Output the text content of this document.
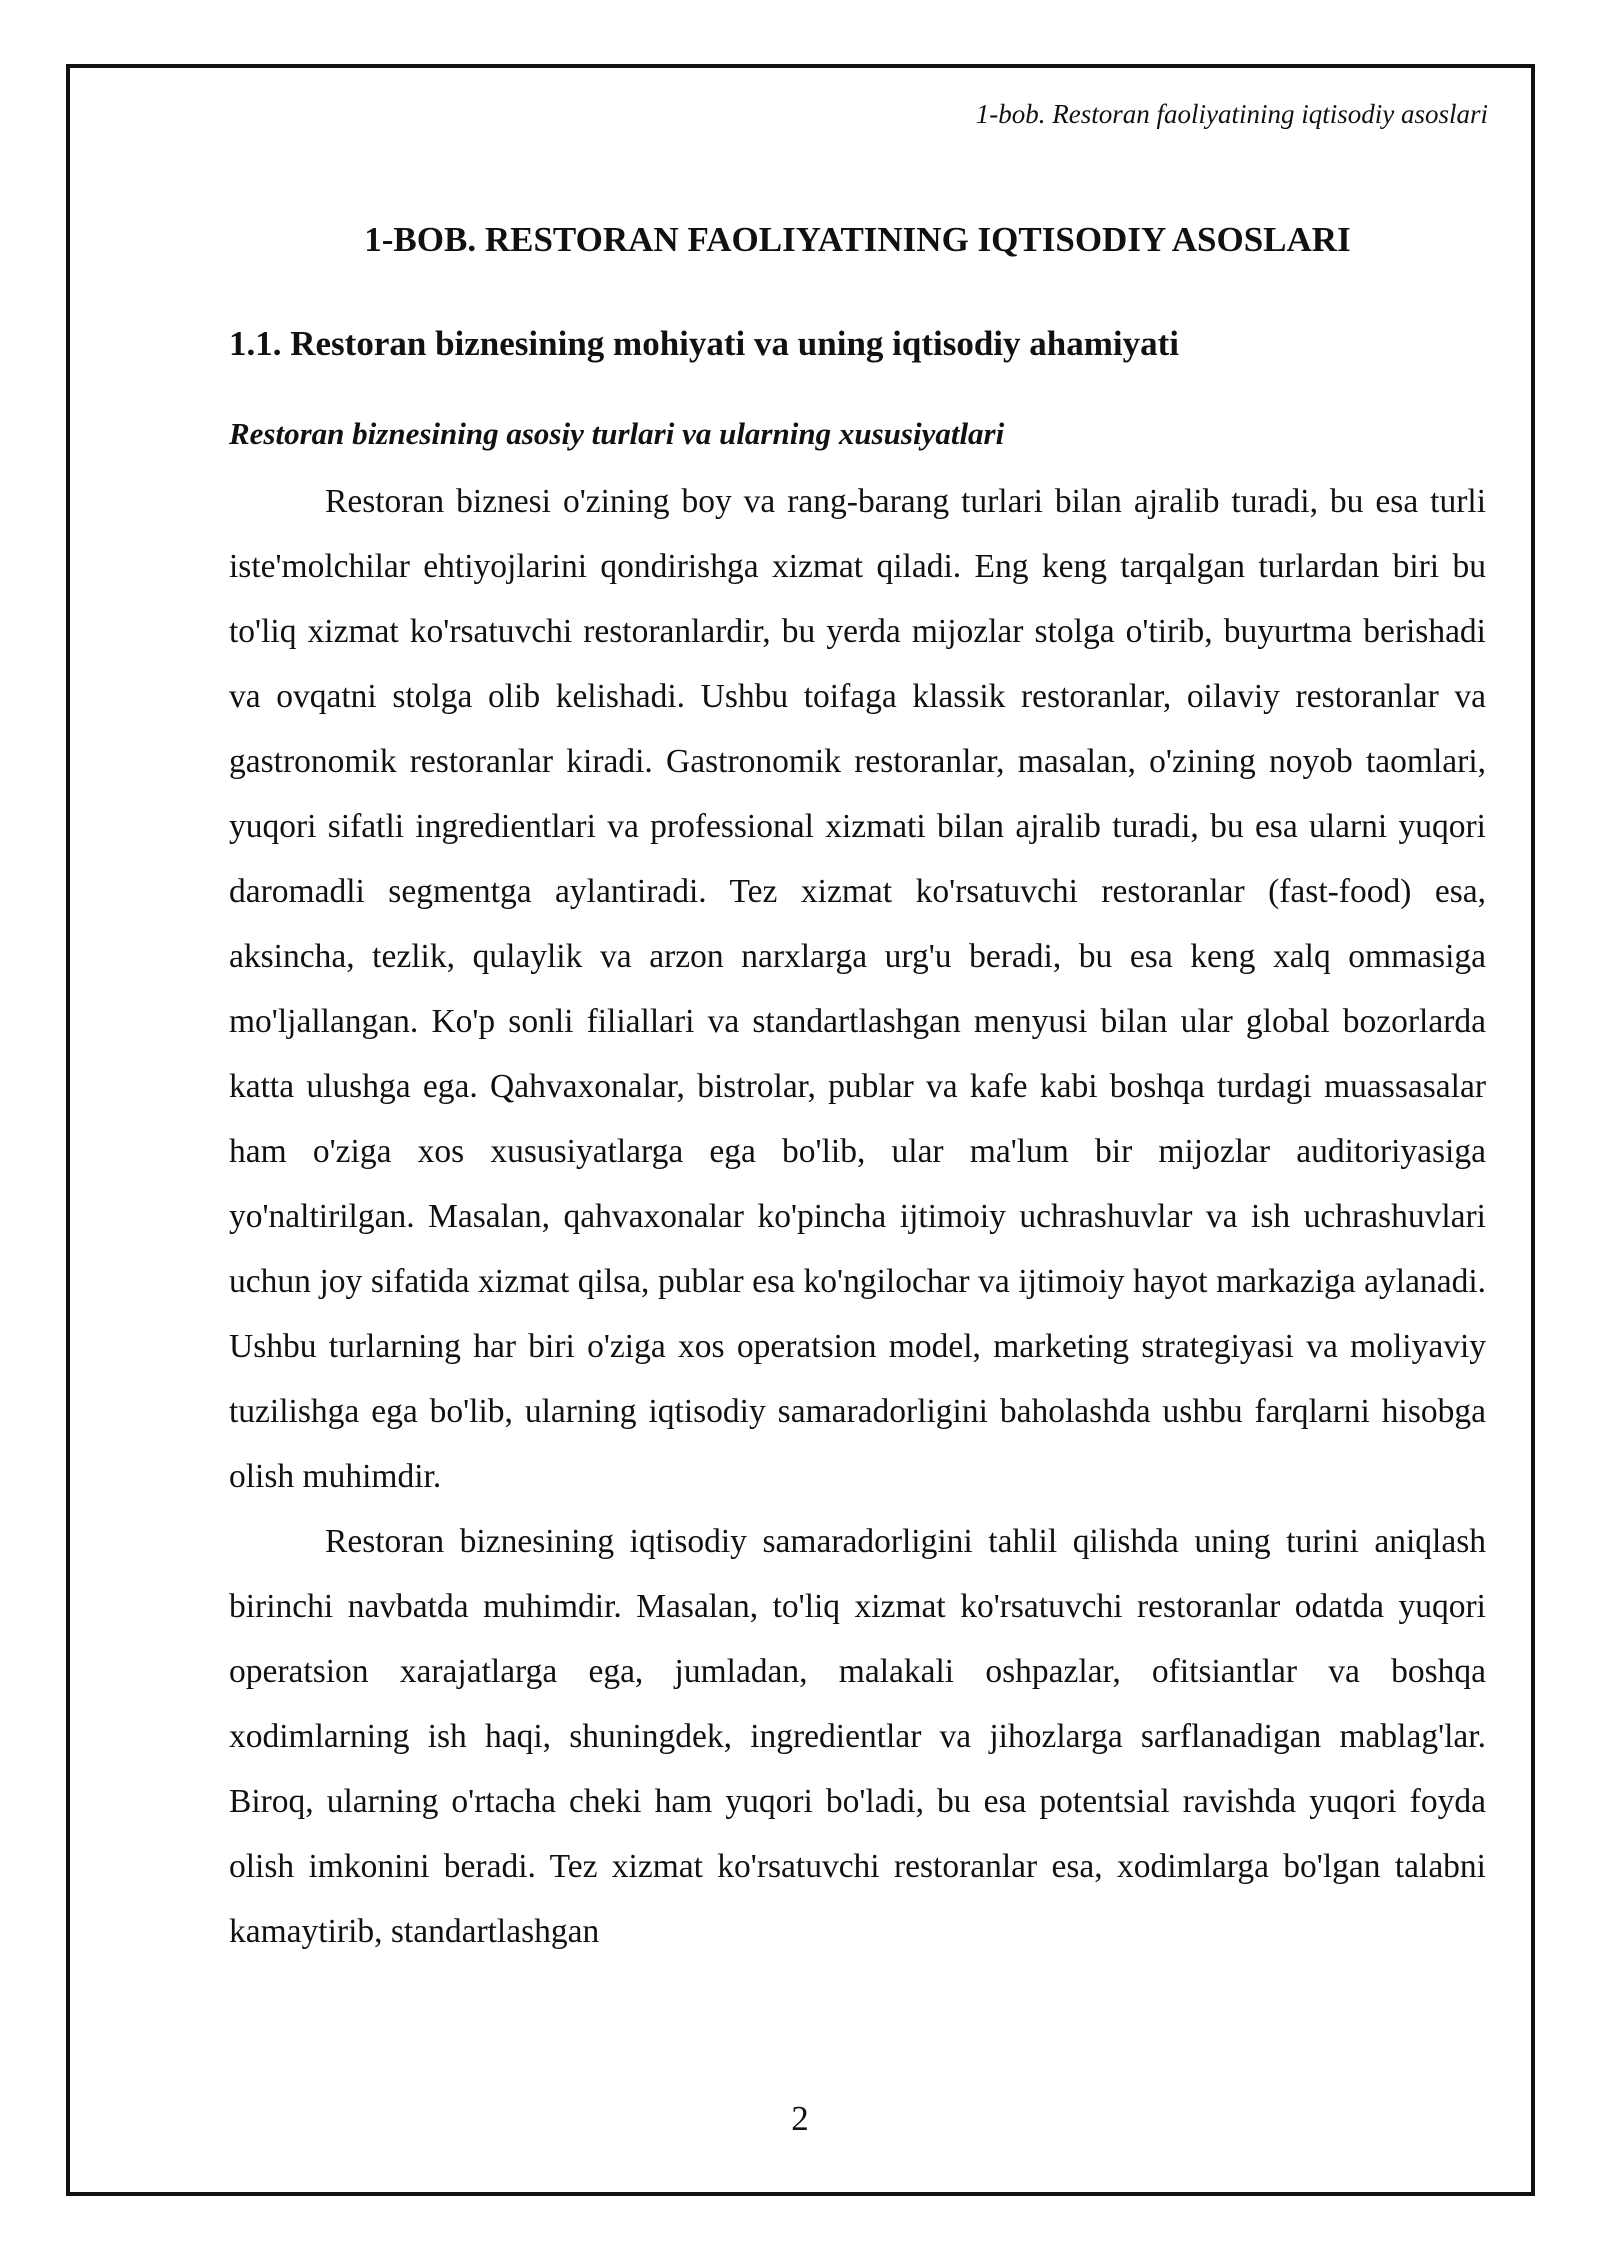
1-bob. Restoran faoliyatining iqtisodiy asoslari
1-BOB. RESTORAN FAOLIYATINING IQTISODIY ASOSLARI
1.1. Restoran biznesining mohiyati va uning iqtisodiy ahamiyati
Restoran biznesining asosiy turlari va ularning xususiyatlari

Restoran biznesi o'zining boy va rang-barang turlari bilan ajralib turadi, bu esa turli iste'molchilar ehtiyojlarini qondirishga xizmat qiladi. Eng keng tarqalgan turlardan biri bu to'liq xizmat ko'rsatuvchi restoranlardir, bu yerda mijozlar stolga o'tirib, buyurtma berishadi va ovqatni stolga olib kelishadi. Ushbu toifaga klassik restoranlar, oilaviy restoranlar va gastronomik restoranlar kiradi. Gastronomik restoranlar, masalan, o'zining noyob taomlari, yuqori sifatli ingredientlari va professional xizmati bilan ajralib turadi, bu esa ularni yuqori daromadli segmentga aylantiradi. Tez xizmat ko'rsatuvchi restoranlar (fast-food) esa, aksincha, tezlik, qulaylik va arzon narxlarga urg'u beradi, bu esa keng xalq ommasiga mo'ljallangan. Ko'p sonli filiallari va standartlashgan menyusi bilan ular global bozorlarda katta ulushga ega. Qahvaxonalar, bistrolar, publar va kafe kabi boshqa turdagi muassasalar ham o'ziga xos xususiyatlarga ega bo'lib, ular ma'lum bir mijozlar auditoriyasiga yo'naltirilgan. Masalan, qahvaxonalar ko'pincha ijtimoiy uchrashuvlar va ish uchrashuvlari uchun joy sifatida xizmat qilsa, publar esa ko'ngilochar va ijtimoiy hayot markaziga aylanadi. Ushbu turlarning har biri o'ziga xos operatsion model, marketing strategiyasi va moliyaviy tuzilishga ega bo'lib, ularning iqtisodiy samaradorligini baholashda ushbu farqlarni hisobga olish muhimdir.

Restoran biznesining iqtisodiy samaradorligini tahlil qilishda uning turini aniqlash birinchi navbatda muhimdir. Masalan, to'liq xizmat ko'rsatuvchi restoranlar odatda yuqori operatsion xarajatlarga ega, jumladan, malakali oshpazlar, ofitsiantlar va boshqa xodimlarning ish haqi, shuningdek, ingredientlar va jihozlarga sarflanadigan mablag'lar. Biroq, ularning o'rtacha cheki ham yuqori bo'ladi, bu esa potentsial ravishda yuqori foyda olish imkonini beradi. Tez xizmat ko'rsatuvchi restoranlar esa, xodimlarga bo'lgan talabni kamaytirib, standartlashgan

2
